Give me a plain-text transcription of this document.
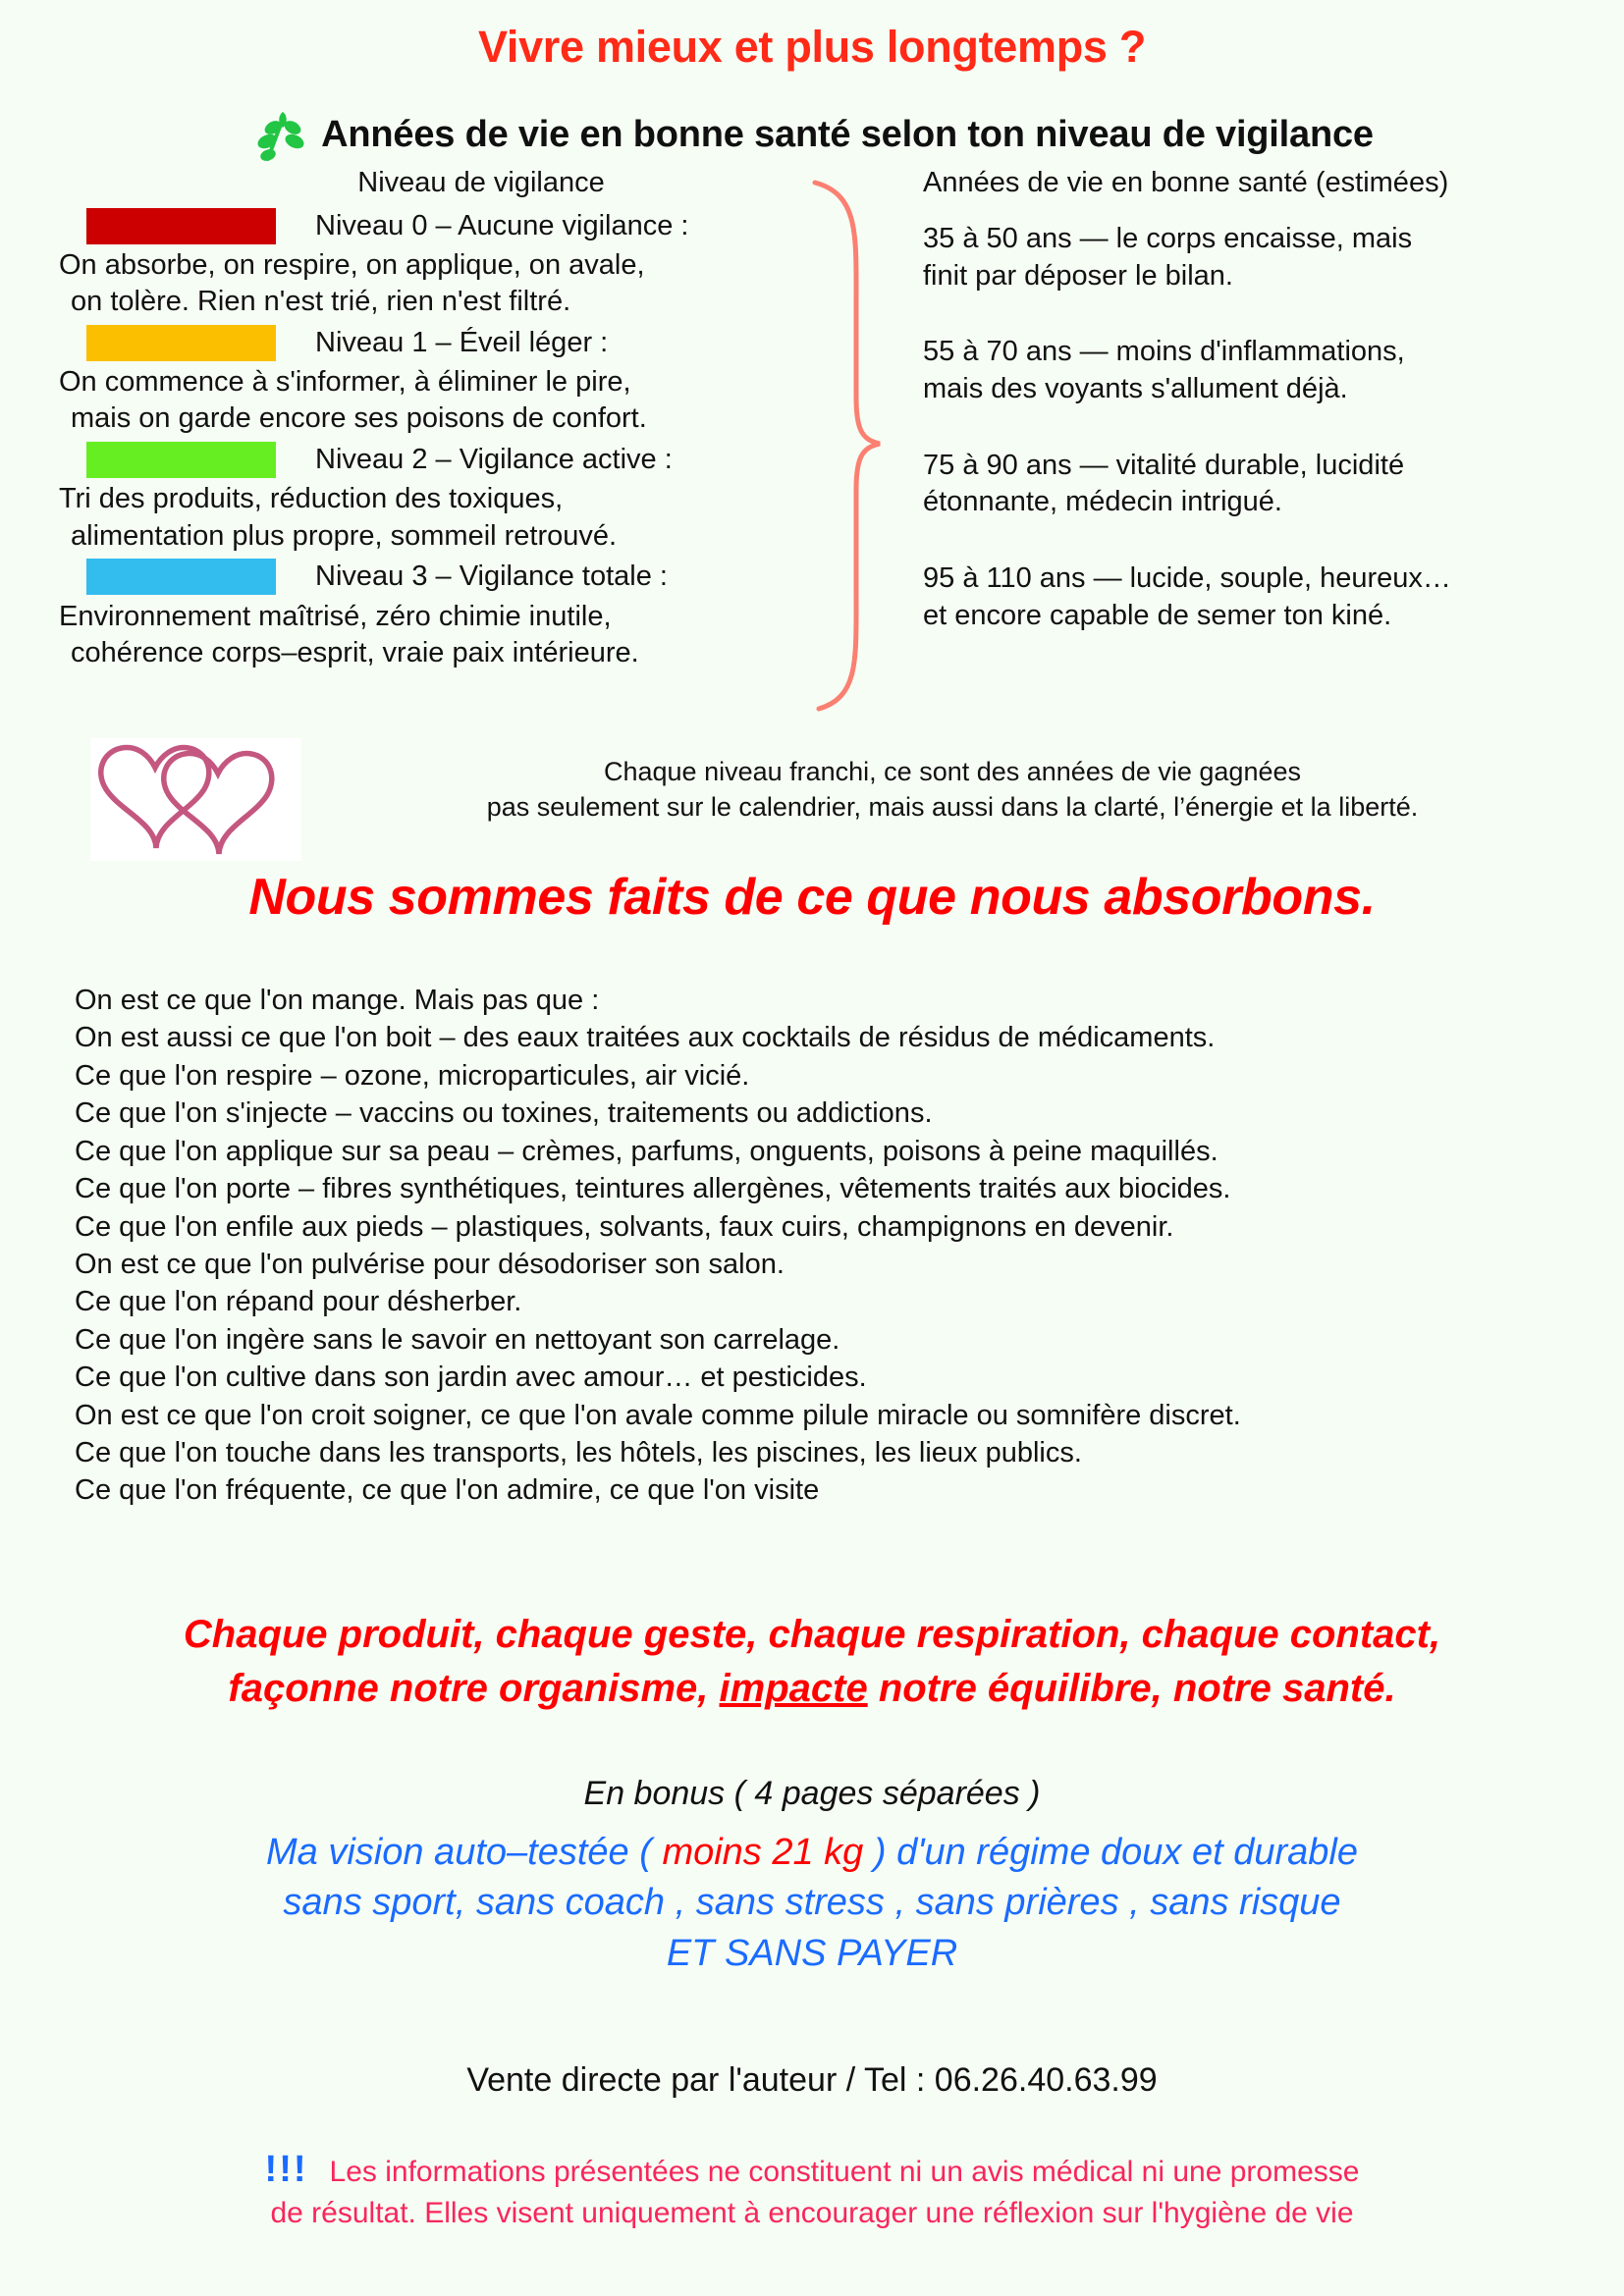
Vivre mieux et plus longtemps ?
Années de vie en bonne santé selon ton niveau de vigilance
Niveau de vigilance
Niveau 0 – Aucune vigilance :
On absorbe, on respire, on applique, on avale,
on tolère. Rien n'est trié, rien n'est filtré.
Niveau 1 – Éveil léger :
On commence à s'informer, à éliminer le pire,
mais on garde encore ses poisons de confort.
Niveau 2 – Vigilance active :
Tri des produits, réduction des toxiques,
alimentation plus propre, sommeil retrouvé.
Niveau 3 – Vigilance totale :
Environnement maîtrisé, zéro chimie inutile,
cohérence corps–esprit, vraie paix intérieure.
Années de vie en bonne santé (estimées)
35 à 50 ans — le corps encaisse, mais
finit par déposer le bilan.
55 à 70 ans — moins d'inflammations,
mais des voyants s'allument déjà.
75 à 90 ans — vitalité durable, lucidité
étonnante, médecin intrigué.
95 à 110 ans — lucide, souple, heureux…
et encore capable de semer ton kiné.
Chaque niveau franchi, ce sont des années de vie gagnées
pas seulement sur le calendrier, mais aussi dans la clarté, l’énergie et la liberté.
Nous sommes faits de ce que nous absorbons.
On est ce que l'on mange. Mais pas que :
On est aussi ce que l'on boit – des eaux traitées aux cocktails de résidus de médicaments.
Ce que l'on respire – ozone, microparticules, air vicié.
Ce que l'on s'injecte – vaccins ou toxines, traitements ou addictions.
Ce que l'on applique sur sa peau – crèmes, parfums, onguents, poisons à peine maquillés.
Ce que l'on porte – fibres synthétiques, teintures allergènes, vêtements traités aux biocides.
Ce que l'on enfile aux pieds – plastiques, solvants, faux cuirs, champignons en devenir.
On est ce que l'on pulvérise pour désodoriser son salon.
Ce que l'on répand pour désherber.
Ce que l'on ingère sans le savoir en nettoyant son carrelage.
Ce que l'on cultive dans son jardin avec amour… et pesticides.
On est ce que l'on croit soigner, ce que l'on avale comme pilule miracle ou somnifère discret.
Ce que l'on touche dans les transports, les hôtels, les piscines, les lieux publics.
Ce que l'on fréquente, ce que l'on admire, ce que l'on visite
Chaque produit, chaque geste, chaque respiration, chaque contact,
façonne notre organisme, impacte notre équilibre, notre santé.
En bonus ( 4 pages séparées )
Ma vision auto–testée ( moins 21 kg ) d'un régime doux et durable
sans sport, sans coach , sans stress , sans prières , sans risque
ET SANS PAYER
Vente directe par l'auteur / Tel : 06.26.40.63.99
!!! Les informations présentées ne constituent ni un avis médical ni une promesse
de résultat. Elles visent uniquement à encourager une réflexion sur l'hygiène de vie
